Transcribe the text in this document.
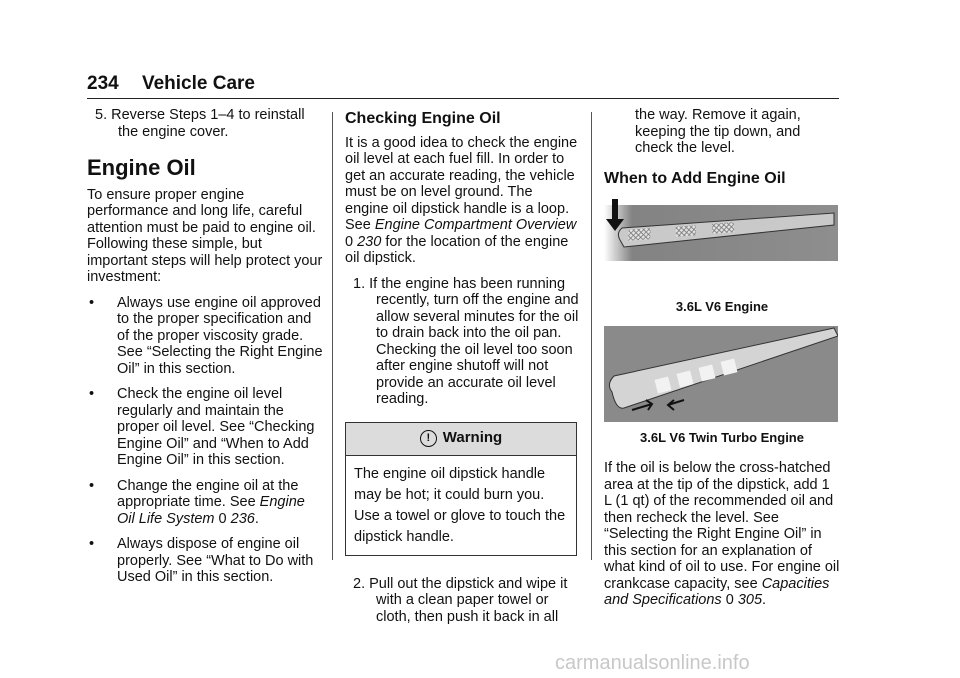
234 Vehicle Care

5. Reverse Steps 1–4 to reinstall the engine cover.

Engine Oil

To ensure proper engine performance and long life, careful attention must be paid to engine oil. Following these simple, but important steps will help protect your investment:

•	Always use engine oil approved to the proper specification and of the proper viscosity grade. See “Selecting the Right Engine Oil” in this section.
•	Check the engine oil level regularly and maintain the proper oil level. See “Checking Engine Oil” and “When to Add Engine Oil” in this section.
•	Change the engine oil at the appropriate time. See Engine Oil Life System 0 236.
•	Always dispose of engine oil properly. See “What to Do with Used Oil” in this section.
Checking Engine Oil

It is a good idea to check the engine oil level at each fuel fill. In order to get an accurate reading, the vehicle must be on level ground. The engine oil dipstick handle is a loop. See Engine Compartment Overview 0 230 for the location of the engine oil dipstick.

1. If the engine has been running recently, turn off the engine and allow several minutes for the oil to drain back into the oil pan. Checking the oil level too soon after engine shutoff will not provide an accurate oil level reading.

! Warning
The engine oil dipstick handle may be hot; it could burn you. Use a towel or glove to touch the dipstick handle.

2. Pull out the dipstick and wipe it with a clean paper towel or cloth, then push it back in all

the way. Remove it again, keeping the tip down, and check the level.

When to Add Engine Oil
3.6L V6 Engine
3.6L V6 Twin Turbo Engine

If the oil is below the cross-hatched area at the tip of the dipstick, add 1 L (1 qt) of the recommended oil and then recheck the level. See “Selecting the Right Engine Oil” in this section for an explanation of what kind of oil to use. For engine oil crankcase capacity, see Capacities and Specifications 0 305.

carmanualsonline.info
